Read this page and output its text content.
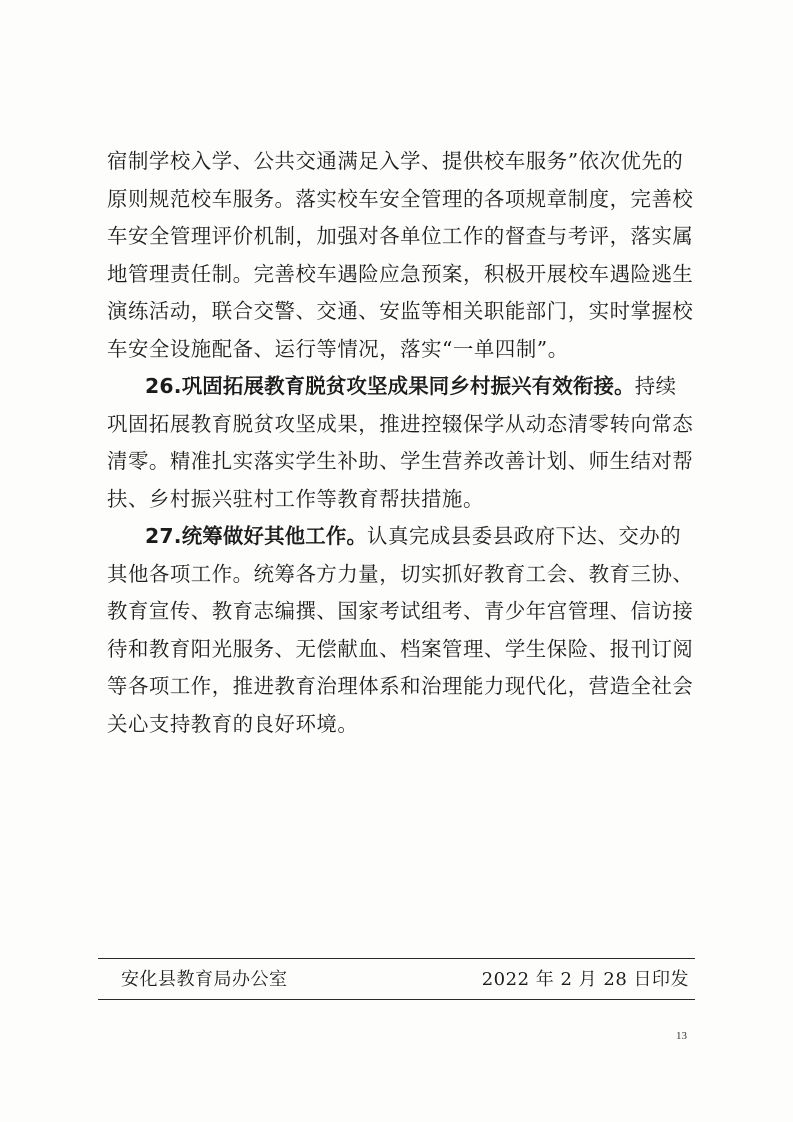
宿制学校入学、公共交通满足入学、提供校车服务”依次优先的
原则规范校车服务。落实校车安全管理的各项规章制度，完善校
车安全管理评价机制，加强对各单位工作的督查与考评，落实属
地管理责任制。完善校车遇险应急预案，积极开展校车遇险逃生
演练活动，联合交警、交通、安监等相关职能部门，实时掌握校
车安全设施配备、运行等情况，落实“一单四制”。
26.巩固拓展教育脱贫攻坚成果同乡村振兴有效衔接。持续
巩固拓展教育脱贫攻坚成果，推进控辍保学从动态清零转向常态
清零。精准扎实落实学生补助、学生营养改善计划、师生结对帮
扶、乡村振兴驻村工作等教育帮扶措施。
27.统筹做好其他工作。认真完成县委县政府下达、交办的
其他各项工作。统筹各方力量，切实抓好教育工会、教育三协、
教育宣传、教育志编撰、国家考试组考、青少年宫管理、信访接
待和教育阳光服务、无偿献血、档案管理、学生保险、报刊订阅
等各项工作，推进教育治理体系和治理能力现代化，营造全社会
关心支持教育的良好环境。
安化县教育局办公室	2022 年 2 月 28 日印发
13
